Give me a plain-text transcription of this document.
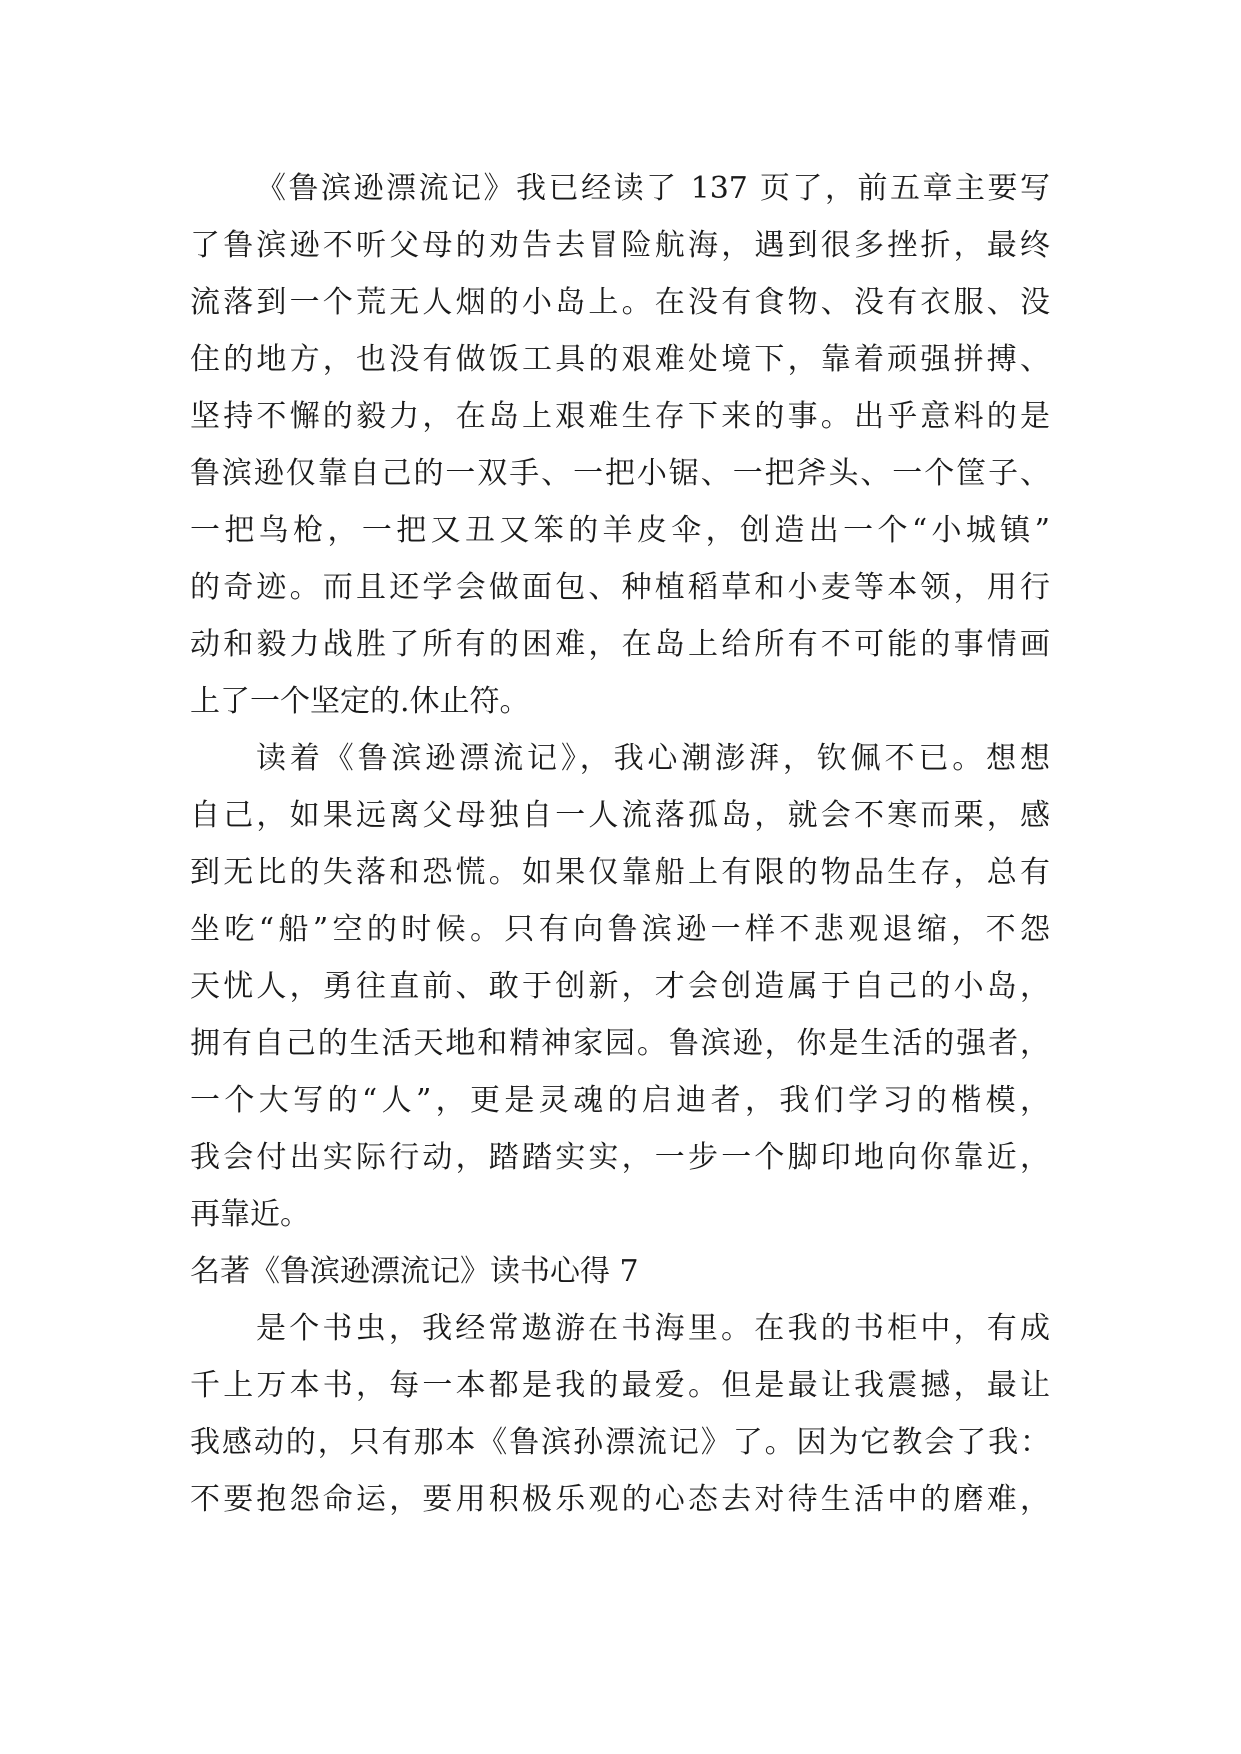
《鲁滨逊漂流记》我已经读了 137 页了，前五章主要写
了鲁滨逊不听父母的劝告去冒险航海，遇到很多挫折，最终
流落到一个荒无人烟的小岛上。在没有食物、没有衣服、没
住的地方，也没有做饭工具的艰难处境下，靠着顽强拼搏、
坚持不懈的毅力，在岛上艰难生存下来的事。出乎意料的是
鲁滨逊仅靠自己的一双手、一把小锯、一把斧头、一个筐子、
一把鸟枪，一把又丑又笨的羊皮伞，创造出一个“小城镇”
的奇迹。而且还学会做面包、种植稻草和小麦等本领，用行
动和毅力战胜了所有的困难，在岛上给所有不可能的事情画
上了一个坚定的.休止符。
读着《鲁滨逊漂流记》，我心潮澎湃，钦佩不已。想想
自己，如果远离父母独自一人流落孤岛，就会不寒而栗，感
到无比的失落和恐慌。如果仅靠船上有限的物品生存，总有
坐吃“船”空的时候。只有向鲁滨逊一样不悲观退缩，不怨
天忧人，勇往直前、敢于创新，才会创造属于自己的小岛，
拥有自己的生活天地和精神家园。鲁滨逊，你是生活的强者，
一个大写的“人”，更是灵魂的启迪者，我们学习的楷模，
我会付出实际行动，踏踏实实，一步一个脚印地向你靠近，
再靠近。
名著《鲁滨逊漂流记》读书心得 7
是个书虫，我经常遨游在书海里。在我的书柜中，有成
千上万本书，每一本都是我的最爱。但是最让我震撼，最让
我感动的，只有那本《鲁滨孙漂流记》了。因为它教会了我：
不要抱怨命运，要用积极乐观的心态去对待生活中的磨难，
